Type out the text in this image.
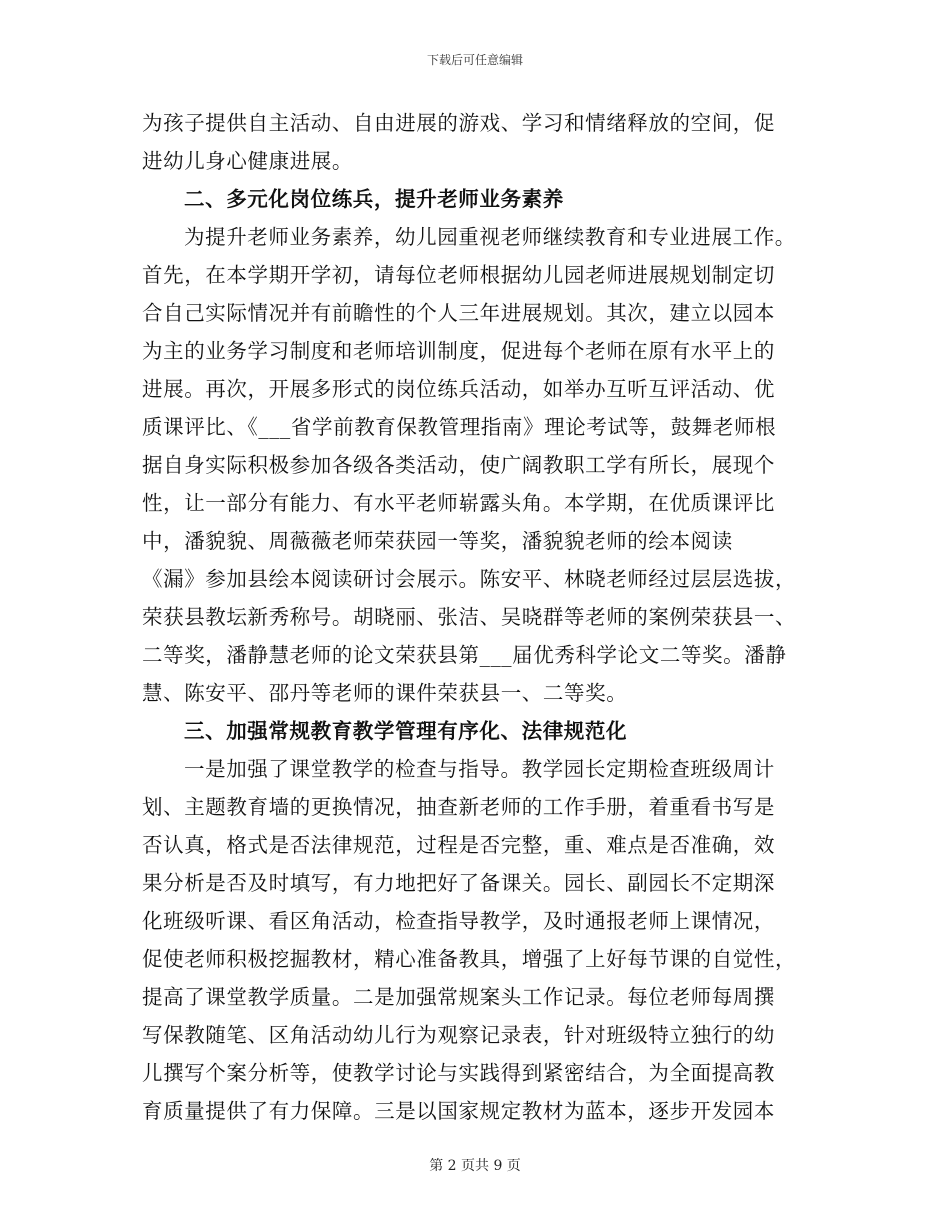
下载后可任意编辑
为孩子提供自主活动、自由进展的游戏、学习和情绪释放的空间，促
进幼儿身心健康进展。
二、多元化岗位练兵，提升老师业务素养
为提升老师业务素养，幼儿园重视老师继续教育和专业进展工作。
首先，在本学期开学初，请每位老师根据幼儿园老师进展规划制定切
合自己实际情况并有前瞻性的个人三年进展规划。其次，建立以园本
为主的业务学习制度和老师培训制度，促进每个老师在原有水平上的
进展。再次，开展多形式的岗位练兵活动，如举办互听互评活动、优
质课评比、《___省学前教育保教管理指南》理论考试等，鼓舞老师根
据自身实际积极参加各级各类活动，使广阔教职工学有所长，展现个
性，让一部分有能力、有水平老师崭露头角。本学期，在优质课评比
中，潘貌貌、周薇薇老师荣获园一等奖，潘貌貌老师的绘本阅读
《漏》参加县绘本阅读研讨会展示。陈安平、林晓老师经过层层选拔，
荣获县教坛新秀称号。胡晓丽、张洁、吴晓群等老师的案例荣获县一、
二等奖，潘静慧老师的论文荣获县第___届优秀科学论文二等奖。潘静
慧、陈安平、邵丹等老师的课件荣获县一、二等奖。
三、加强常规教育教学管理有序化、法律规范化
一是加强了课堂教学的检查与指导。教学园长定期检查班级周计
划、主题教育墙的更换情况，抽查新老师的工作手册，着重看书写是
否认真，格式是否法律规范，过程是否完整，重、难点是否准确，效
果分析是否及时填写，有力地把好了备课关。园长、副园长不定期深
化班级听课、看区角活动，检查指导教学，及时通报老师上课情况，
促使老师积极挖掘教材，精心准备教具，增强了上好每节课的自觉性，
提高了课堂教学质量。二是加强常规案头工作记录。每位老师每周撰
写保教随笔、区角活动幼儿行为观察记录表，针对班级特立独行的幼
儿撰写个案分析等，使教学讨论与实践得到紧密结合，为全面提高教
育质量提供了有力保障。三是以国家规定教材为蓝本，逐步开发园本
第 2 页共 9 页
